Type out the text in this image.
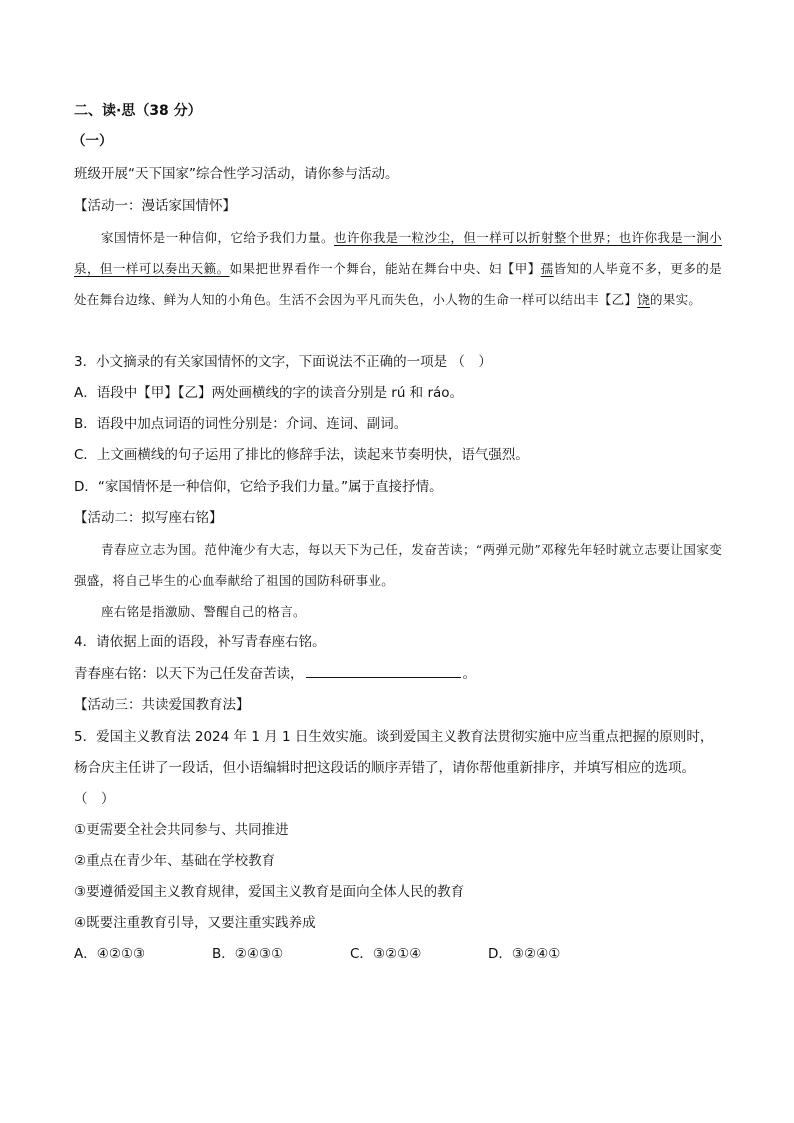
二、读·思（38 分）
（一）
班级开展“天下国家”综合性学习活动，请你参与活动。
【活动一：漫话家国情怀】

家国情怀是一种信仰，它给予我们力量。也许你我是一粒沙尘，但一样可以折射整个世界；也许你我是一涧小泉，但一样可以奏出天籁。如果把世界看作一个舞台，能站在舞台中央、妇【甲】孺皆知的人毕竟不多，更多的是处在舞台边缘、鲜为人知的小角色。生活不会因为平凡而失色，小人物的生命一样可以结出丰【乙】饶的果实。

3．小文摘录的有关家国情怀的文字，下面说法不正确的一项是 （　）
A．语段中【甲】【乙】两处画横线的字的读音分别是 rú 和 ráo。
B．语段中加点词语的词性分别是：介词、连词、副词。
C．上文画横线的句子运用了排比的修辞手法，读起来节奏明快，语气强烈。
D．“家国情怀是一种信仰，它给予我们力量。”属于直接抒情。
【活动二：拟写座右铭】

青春应立志为国。范仲淹少有大志，每以天下为己任，发奋苦读；“两弹元勋”邓稼先年轻时就立志要让国家变强盛，将自己毕生的心血奉献给了祖国的国防科研事业。

座右铭是指激励、警醒自己的格言。

4．请依据上面的语段，补写青春座右铭。
青春座右铭：以天下为己任发奋苦读，	。
【活动三：共读爱国教育法】
5．爱国主义教育法 2024 年 1 月 1 日生效实施。谈到爱国主义教育法贯彻实施中应当重点把握的原则时，
杨合庆主任讲了一段话，但小语编辑时把这段话的顺序弄错了，请你帮他重新排序，并填写相应的选项。
（　）
①更需要全社会共同参与、共同推进
②重点在青少年、基础在学校教育
③要遵循爱国主义教育规律，爱国主义教育是面向全体人民的教育
④既要注重教育引导，又要注重实践养成
A．④②①③	B．②④③①	C．③②①④	D．③②④①
